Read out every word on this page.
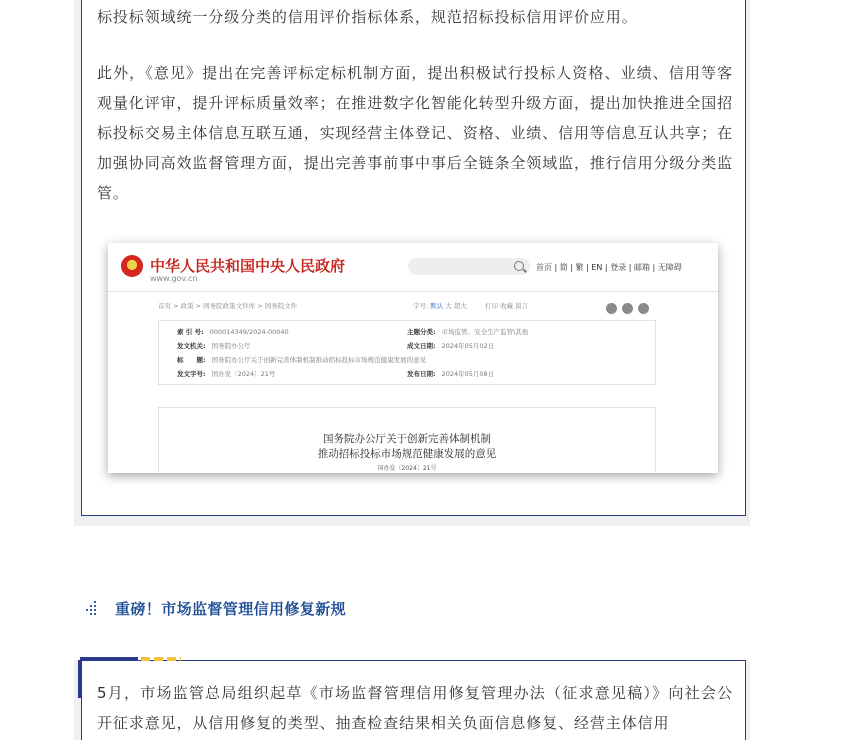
标投标领域统一分级分类的信用评价指标体系，规范招标投标信用评价应用。

此外，《意见》提出在完善评标定标机制方面，提出积极试行投标人资格、业绩、信用等客观量化评审，提升评标质量效率；在推进数字化智能化转型升级方面，提出加快推进全国招标投标交易主体信息互联互通，实现经营主体登记、资格、业绩、信用等信息互认共享；在加强协同高效监督管理方面，提出完善事前事中事后全链条全领域监，推行信用分级分类监管。

中华人民共和国中央人民政府
www.gov.cn
首页 | 简 | 繁 | EN | 登录 | 邮箱 | 无障碍
首页 > 政策 > 国务院政策文件库 > 国务院文件	字号: 默认 大 超大	打印 收藏 留言
索 引 号: 000014349/2024-00040	主题分类: 市场监管、安全生产监管\其他
发文机关: 国务院办公厅	成文日期: 2024年05月02日
标　　题: 国务院办公厅关于创新完善体制机制推动招标投标市场规范健康发展的意见
发文字号: 国办发〔2024〕21号	发布日期: 2024年05月08日
国务院办公厅关于创新完善体制机制
推动招标投标市场规范健康发展的意见
国办发〔2024〕21号
重磅！市场监督管理信用修复新规

5月，市场监管总局组织起草《市场监督管理信用修复管理办法（征求意见稿）》向社会公开征求意见，从信用修复的类型、抽查检查结果相关负面信息修复、经营主体信用
